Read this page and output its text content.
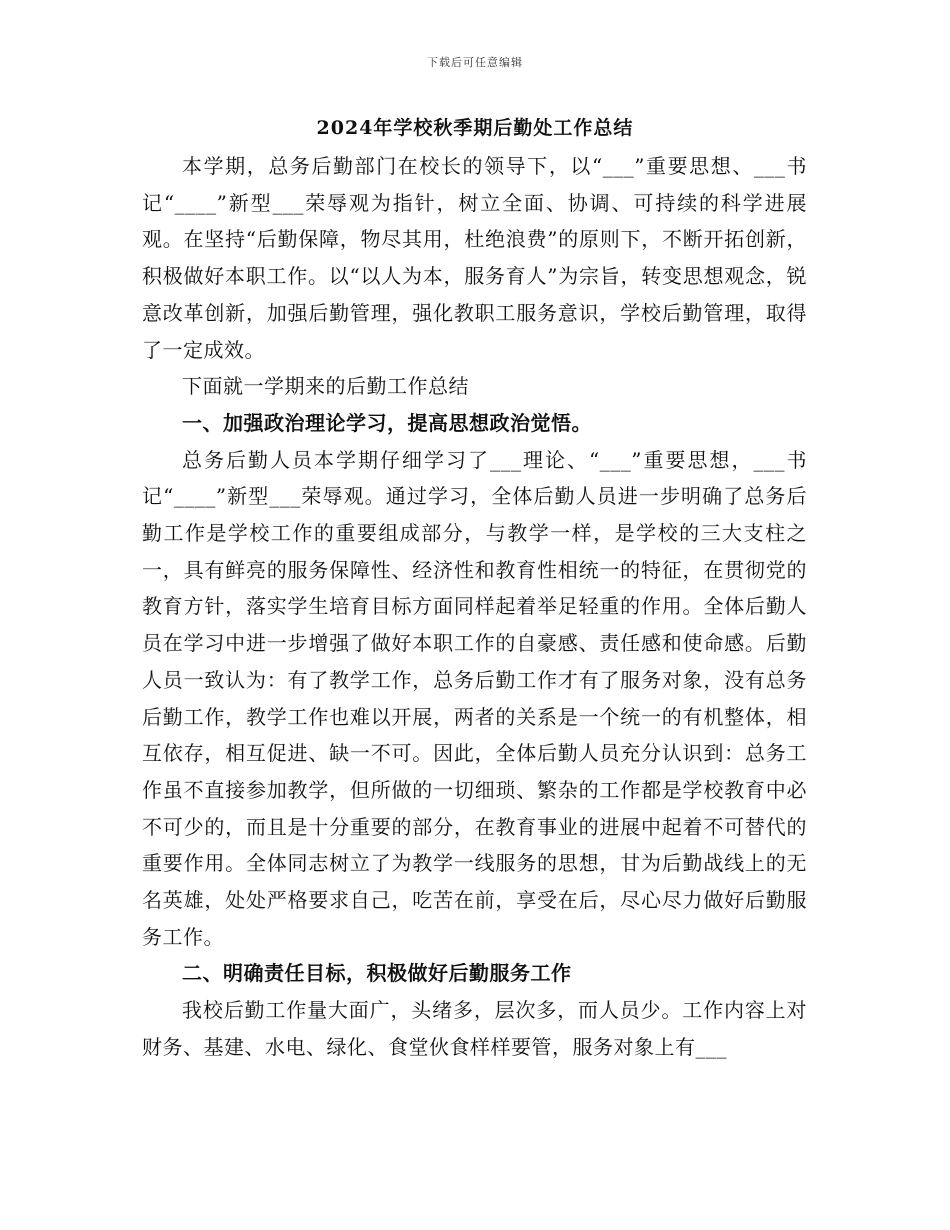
下载后可任意编辑
2024年学校秋季期后勤处工作总结

本学期，总务后勤部门在校长的领导下，以“___”重要思想、___书记“____”新型___荣辱观为指针，树立全面、协调、可持续的科学进展观。在坚持“后勤保障，物尽其用，杜绝浪费”的原则下，不断开拓创新，积极做好本职工作。以“以人为本，服务育人”为宗旨，转变思想观念，锐意改革创新，加强后勤管理，强化教职工服务意识，学校后勤管理，取得了一定成效。

下面就一学期来的后勤工作总结

一、加强政治理论学习，提高思想政治觉悟。

总务后勤人员本学期仔细学习了___理论、“___”重要思想，___书记“____”新型___荣辱观。通过学习，全体后勤人员进一步明确了总务后勤工作是学校工作的重要组成部分，与教学一样，是学校的三大支柱之一，具有鲜亮的服务保障性、经济性和教育性相统一的特征，在贯彻党的教育方针，落实学生培育目标方面同样起着举足轻重的作用。全体后勤人员在学习中进一步增强了做好本职工作的自豪感、责任感和使命感。后勤人员一致认为：有了教学工作，总务后勤工作才有了服务对象，没有总务后勤工作，教学工作也难以开展，两者的关系是一个统一的有机整体，相互依存，相互促进、缺一不可。因此，全体后勤人员充分认识到：总务工作虽不直接参加教学，但所做的一切细琐、繁杂的工作都是学校教育中必不可少的，而且是十分重要的部分，在教育事业的进展中起着不可替代的重要作用。全体同志树立了为教学一线服务的思想，甘为后勤战线上的无名英雄，处处严格要求自己，吃苦在前，享受在后，尽心尽力做好后勤服务工作。

二、明确责任目标，积极做好后勤服务工作

我校后勤工作量大面广，头绪多，层次多，而人员少。工作内容上对财务、基建、水电、绿化、食堂伙食样样要管，服务对象上有___
